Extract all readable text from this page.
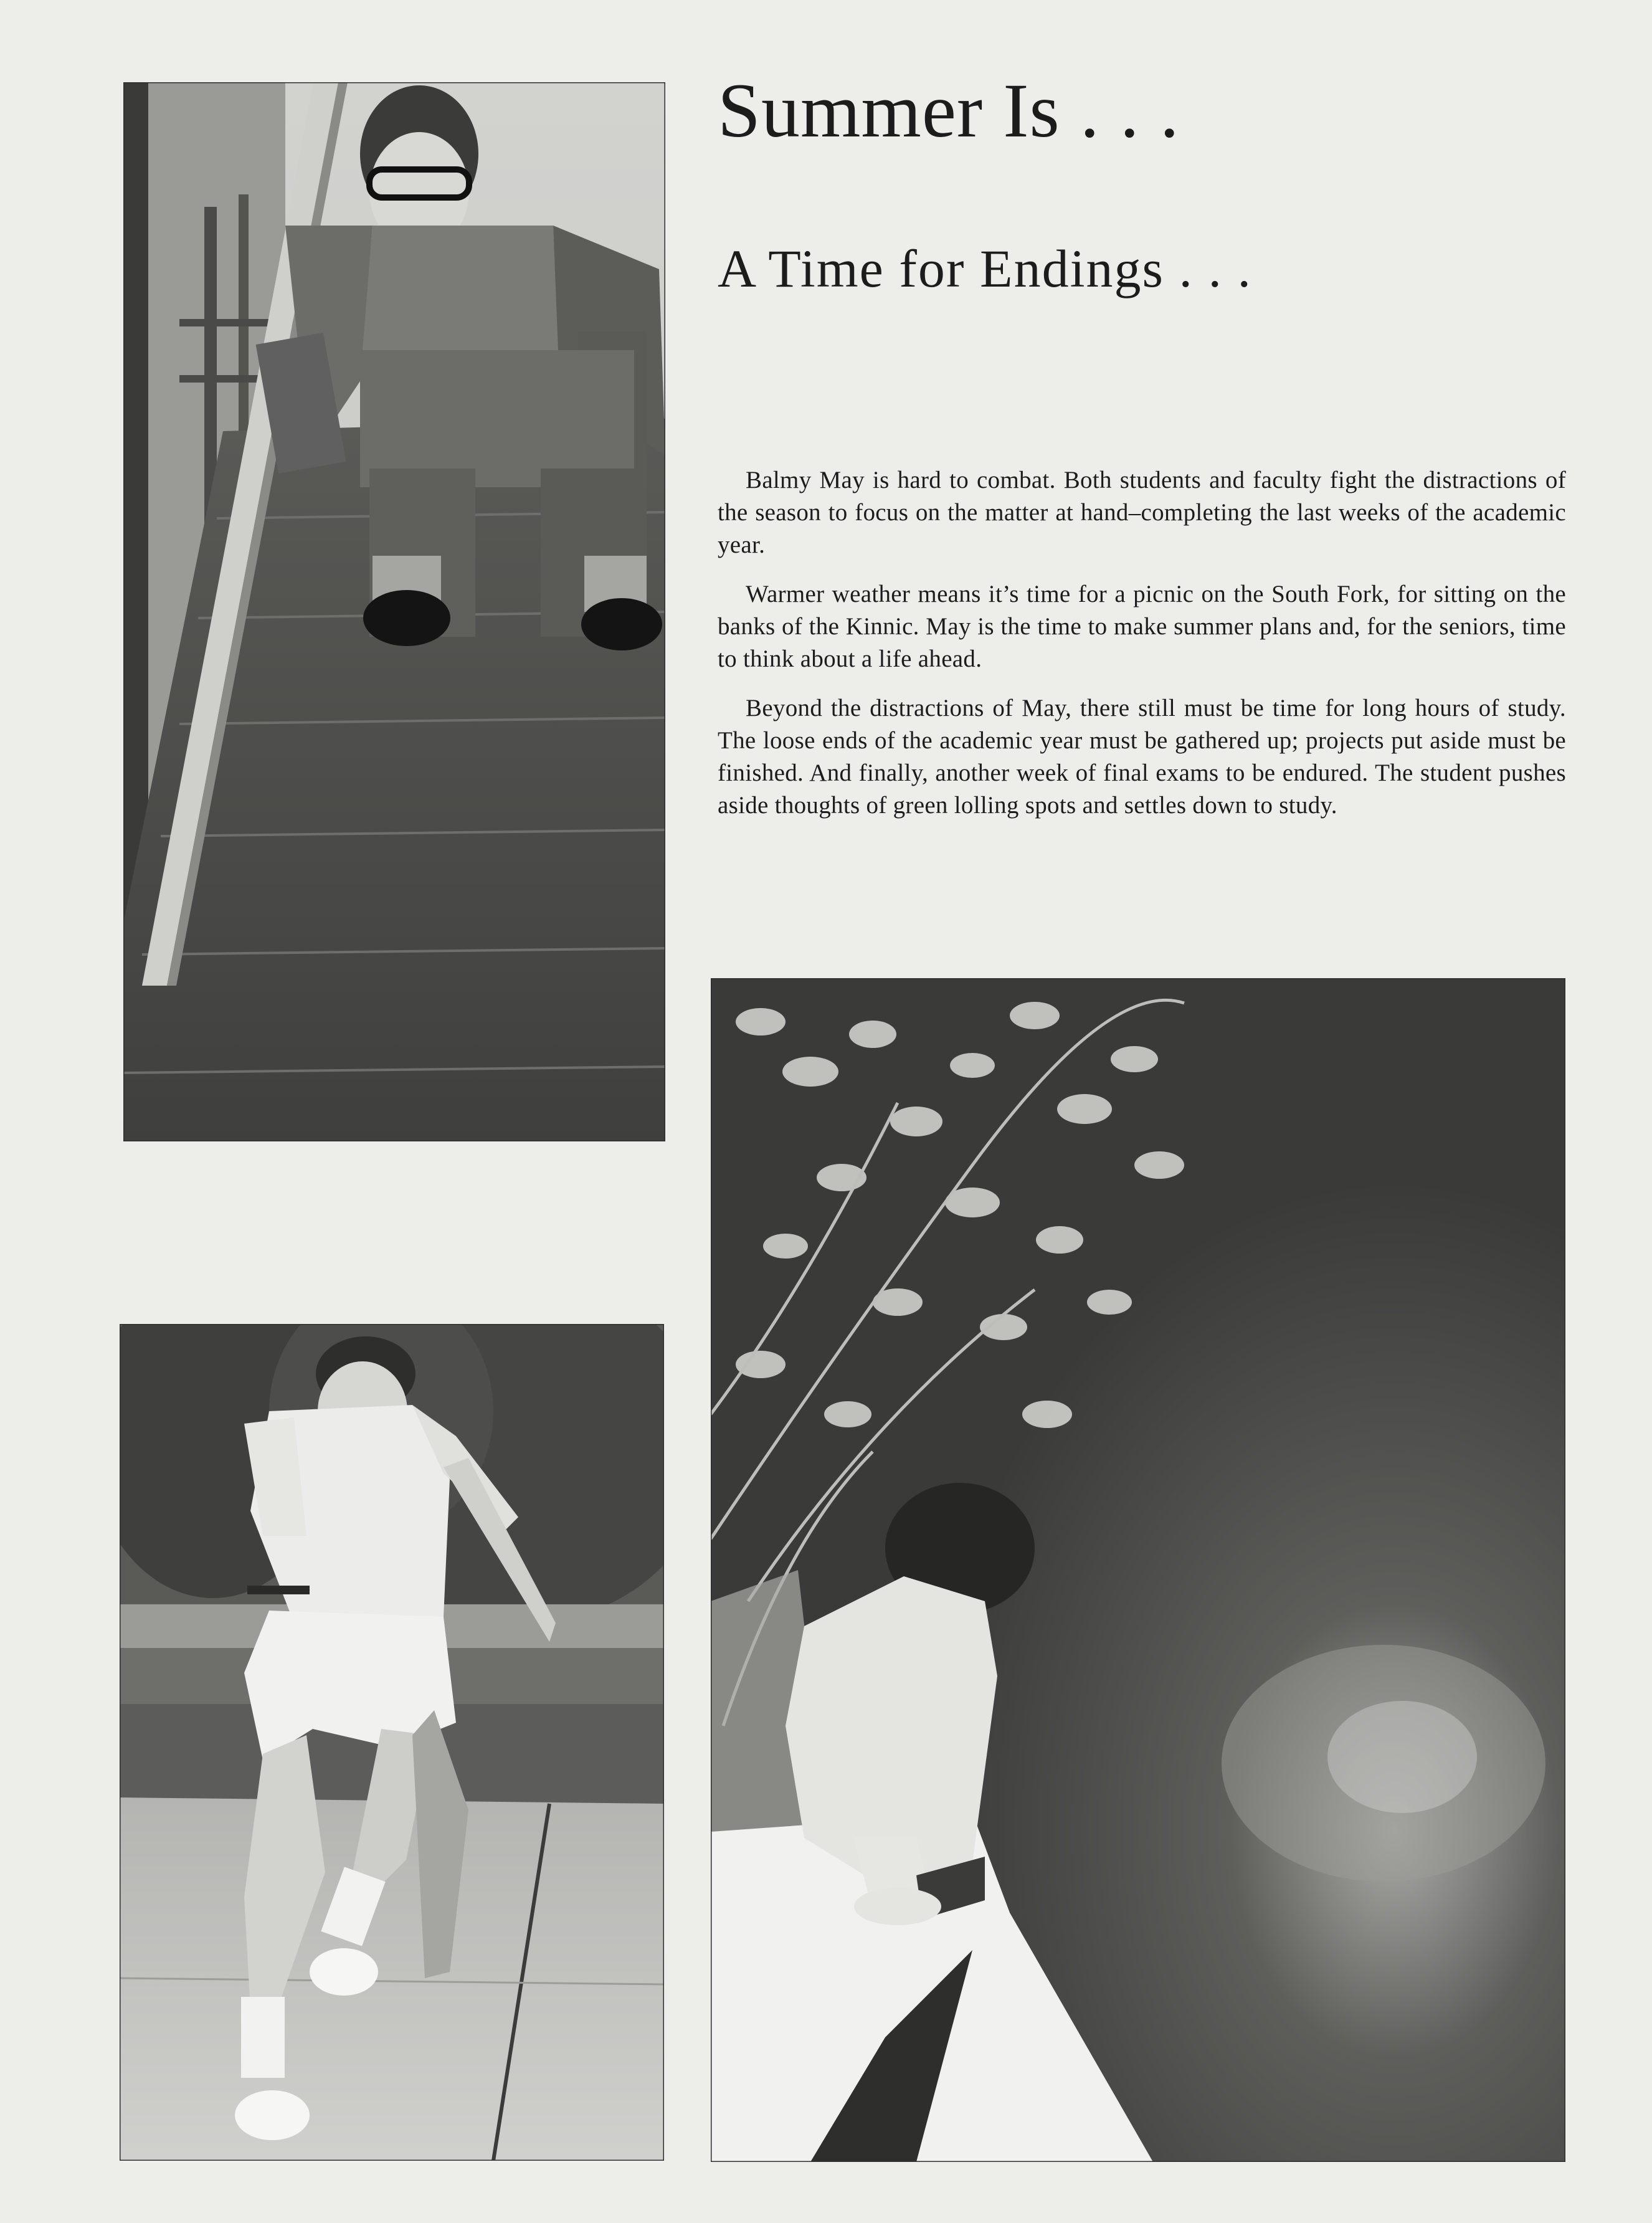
Summer Is . . .
A Time for Endings . . .

Balmy May is hard to combat. Both students and faculty fight the distractions of the season to focus on the matter at hand–completing the last weeks of the academic year.

Warmer weather means it’s time for a picnic on the South Fork, for sitting on the banks of the Kinnic. May is the time to make summer plans and, for the seniors, time to think about a life ahead.

Beyond the distractions of May, there still must be time for long hours of study. The loose ends of the academic year must be gathered up; projects put aside must be finished. And finally, another week of final exams to be endured. The student pushes aside thoughts of green lolling spots and settles down to study.
